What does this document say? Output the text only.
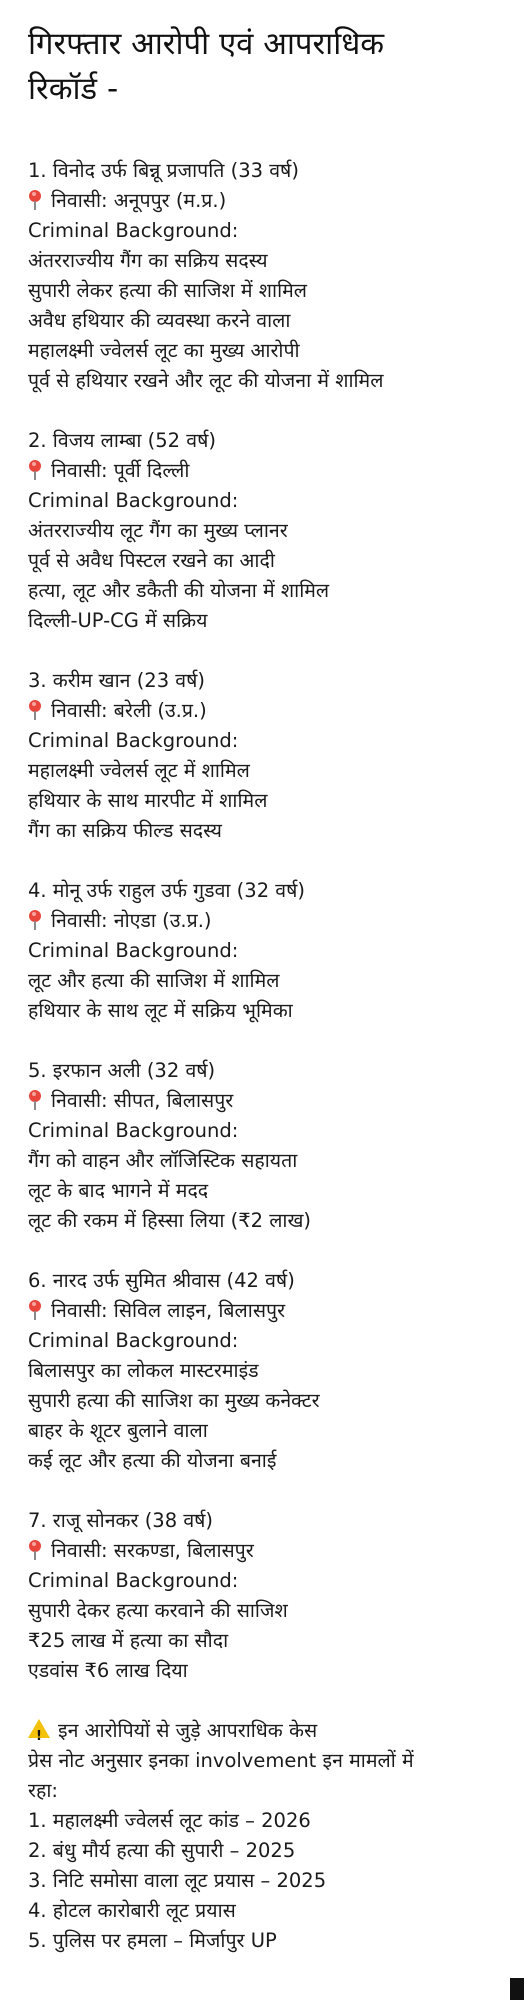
गिरफ्तार आरोपी एवं आपराधिक
रिकॉर्ड -
1. विनोद उर्फ बिन्नू प्रजापति (33 वर्ष)
निवासी: अनूपपुर (म.प्र.)
Criminal Background:
अंतरराज्यीय गैंग का सक्रिय सदस्य
सुपारी लेकर हत्या की साजिश में शामिल
अवैध हथियार की व्यवस्था करने वाला
महालक्ष्मी ज्वेलर्स लूट का मुख्य आरोपी
पूर्व से हथियार रखने और लूट की योजना में शामिल
2. विजय लाम्बा (52 वर्ष)
निवासी: पूर्वी दिल्ली
Criminal Background:
अंतरराज्यीय लूट गैंग का मुख्य प्लानर
पूर्व से अवैध पिस्टल रखने का आदी
हत्या, लूट और डकैती की योजना में शामिल
दिल्ली-UP-CG में सक्रिय
3. करीम खान (23 वर्ष)
निवासी: बरेली (उ.प्र.)
Criminal Background:
महालक्ष्मी ज्वेलर्स लूट में शामिल
हथियार के साथ मारपीट में शामिल
गैंग का सक्रिय फील्ड सदस्य
4. मोनू उर्फ राहुल उर्फ गुडवा (32 वर्ष)
निवासी: नोएडा (उ.प्र.)
Criminal Background:
लूट और हत्या की साजिश में शामिल
हथियार के साथ लूट में सक्रिय भूमिका
5. इरफान अली (32 वर्ष)
निवासी: सीपत, बिलासपुर
Criminal Background:
गैंग को वाहन और लॉजिस्टिक सहायता
लूट के बाद भागने में मदद
लूट की रकम में हिस्सा लिया (₹2 लाख)
6. नारद उर्फ सुमित श्रीवास (42 वर्ष)
निवासी: सिविल लाइन, बिलासपुर
Criminal Background:
बिलासपुर का लोकल मास्टरमाइंड
सुपारी हत्या की साजिश का मुख्य कनेक्टर
बाहर के शूटर बुलाने वाला
कई लूट और हत्या की योजना बनाई
7. राजू सोनकर (38 वर्ष)
निवासी: सरकण्डा, बिलासपुर
Criminal Background:
सुपारी देकर हत्या करवाने की साजिश
₹25 लाख में हत्या का सौदा
एडवांस ₹6 लाख दिया
!इन आरोपियों से जुड़े आपराधिक केस
प्रेस नोट अनुसार इनका involvement इन मामलों में
रहा:
1. महालक्ष्मी ज्वेलर्स लूट कांड – 2026
2. बंधु मौर्य हत्या की सुपारी – 2025
3. निटि समोसा वाला लूट प्रयास – 2025
4. होटल कारोबारी लूट प्रयास
5. पुलिस पर हमला – मिर्जापुर UP
